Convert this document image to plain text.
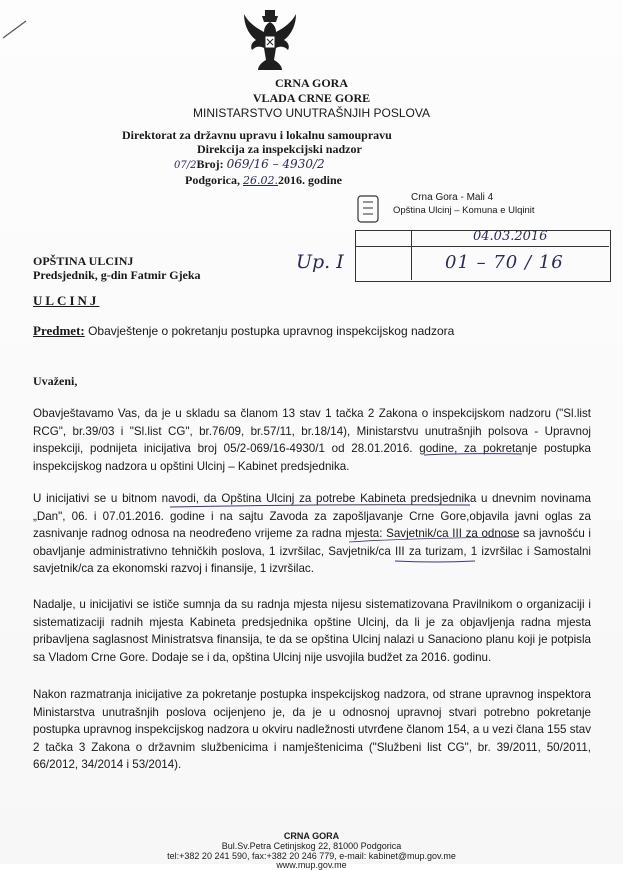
CRNA GORA
VLADA CRNE GORE
MINISTARSTVO UNUTRAŠNJIH POSLOVA
Direktorat za državnu upravu i lokalnu samoupravu
Direkcija za inspekcijski nadzor
07/2Broj: 069/16 – 4930/2
Podgorica, 26.02.2016. godine
Crna Gora - Mali 4
Opština Ulcinj – Komuna e Ulqinit
04.03.2016
01 – 70 / 16
Up. I
OPŠTINA ULCINJ
Predsjednik, g-din Fatmir Gjeka
ULCINJ
Predmet: Obavještenje o pokretanju postupka upravnog inspekcijskog nadzora
Uvaženi,
Obavještavamo Vas, da je u skladu sa članom 13 stav 1 tačka 2 Zakona o inspekcijskom nadzoru ("Sl.list RCG", br.39/03 i "Sl.list CG", br.76/09, br.57/11, br.18/14), Ministarstvu unutrašnjih polsova - Upravnoj inspekciji, podnijeta inicijativa broj 05/2-069/16-4930/1 od 28.01.2016. godine, za pokretanje postupka inspekcijskog nadzora u opštini Ulcinj – Kabinet predsjednika.
U inicijativi se u bitnom navodi, da Opština Ulcinj za potrebe Kabineta predsjednika u dnevnim novinama „Dan", 06. i 07.01.2016. godine i na sajtu Zavoda za zapošljavanje Crne Gore,objavila javni oglas za zasnivanje radnog odnosa na neodređeno vrijeme za radna mjesta: Savjetnik/ca III za odnose sa javnošću i obavljanje administrativno tehničkih poslova, 1 izvršilac, Savjetnik/ca III za turizam, 1 izvršilac i Samostalni savjetnik/ca za ekonomski razvoj i finansije, 1 izvršilac.
Nadalje, u inicijativi se ističe sumnja da su radnja mjesta nijesu sistematizovana Pravilnikom o organizaciji i sistematizaciji radnih mjesta Kabineta predsjednika opštine Ulcinj, da li je za objavljenja radna mjesta pribavljena saglasnost Ministratsva finansija, te da se opština Ulcinj nalazi u Sanaciono planu koji je potpisla sa Vladom Crne Gore. Dodaje se i da, opština Ulcinj nije usvojila budžet za 2016. godinu.
Nakon razmatranja inicijative za pokretanje postupka inspekcijskog nadzora, od strane upravnog inspektora Ministarstva unutrašnjih poslova ocijenjeno je, da je u odnosnoj upravnoj stvari potrebno pokretanje postupka upravnog inspekcijskog nadzora u okviru nadležnosti utvrđene članom 154, a u vezi člana 155 stav 2 tačka 3 Zakona o državnim službenicima i namještenicima ("Službeni list CG", br. 39/2011, 50/2011, 66/2012, 34/2014 i 53/2014).
CRNA GORA
Bul.Sv.Petra Cetinjskog 22, 81000 Podgorica
tel:+382 20 241 590, fax:+382 20 246 779, e-mail: kabinet@mup.gov.me
www.mup.gov.me
